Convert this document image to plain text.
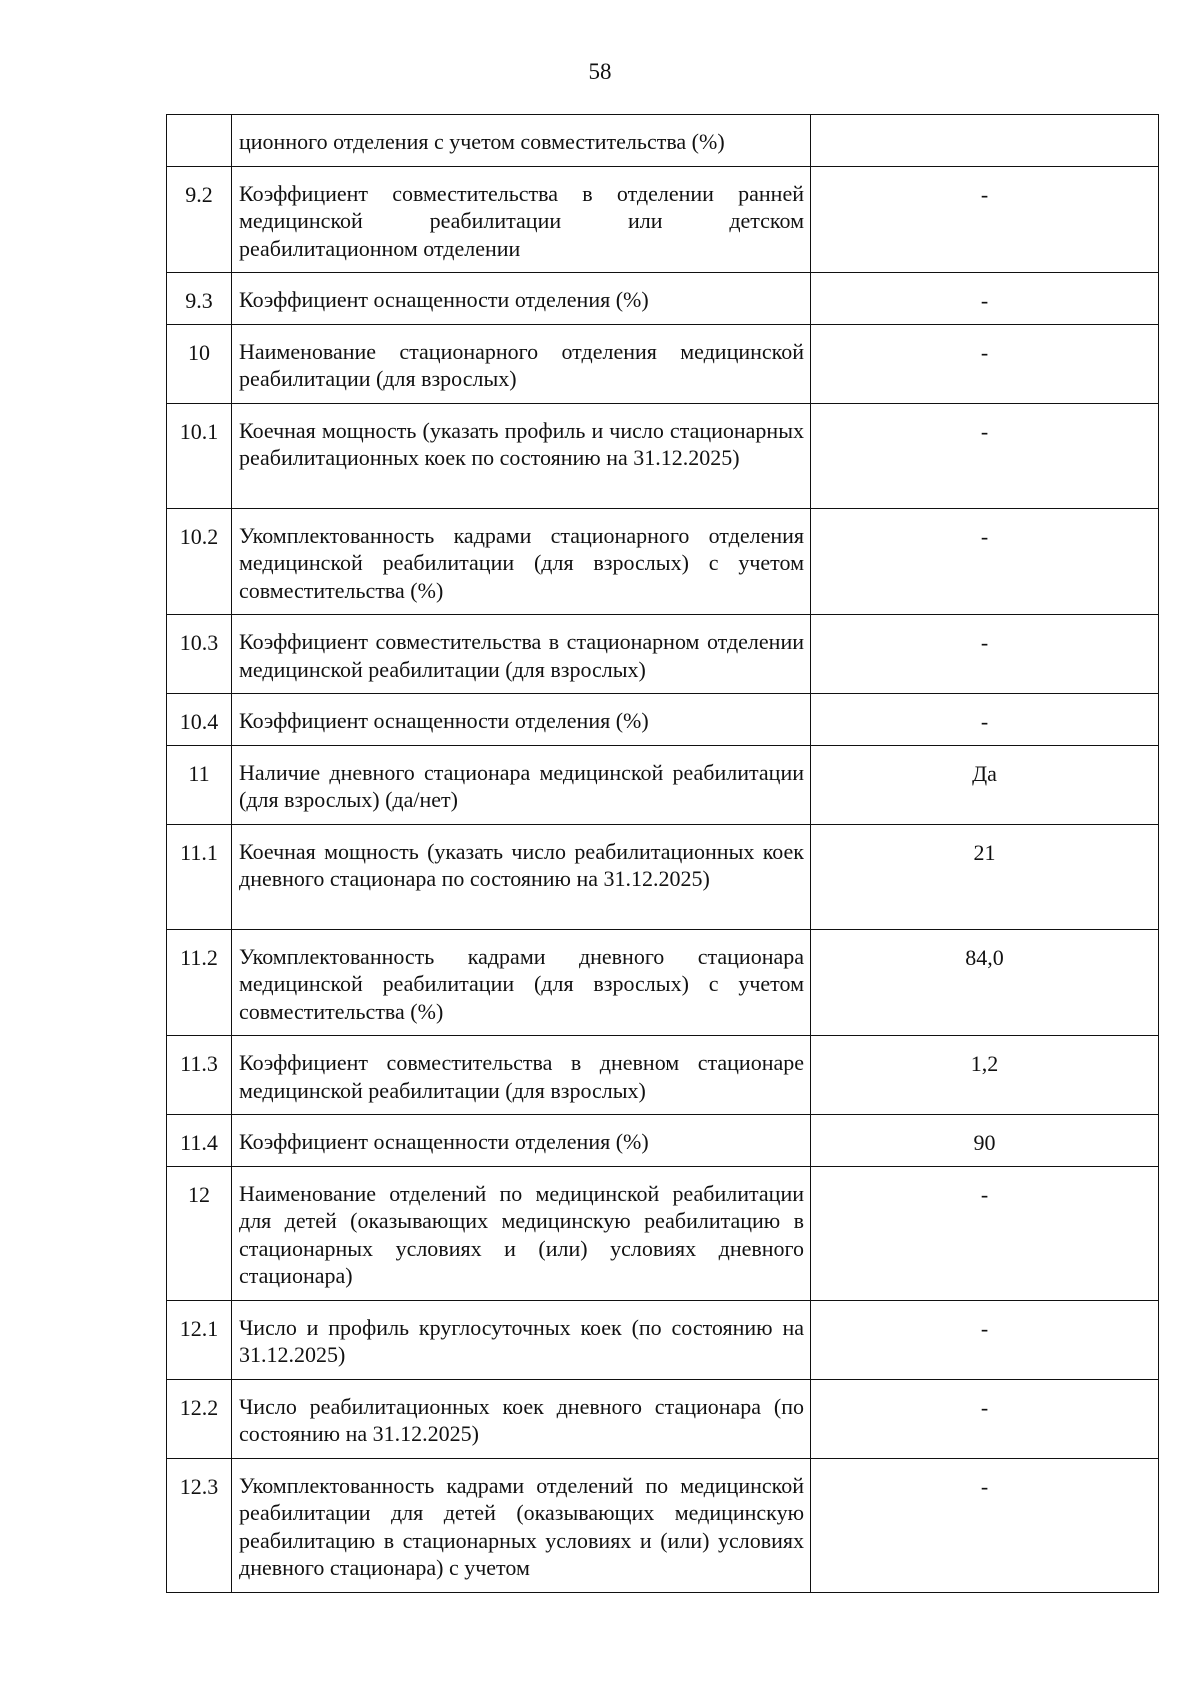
58
	ционного отделения с учетом совместительства (%)	
9.2	Коэффициент совместительства в отделении ранней медицинской реабилитации или детском реабилитационном отделении	-
9.3	Коэффициент оснащенности отделения (%)	-
10	Наименование стационарного отделения медицинской реабилитации (для взрослых)	-
10.1	Коечная мощность (указать профиль и число стационарных реабилитационных коек по состоянию на 31.12.2025)	-
10.2	Укомплектованность кадрами стационарного отделения медицинской реабилитации (для взрослых) с учетом совместительства (%)	-
10.3	Коэффициент совместительства в стационарном отделении медицинской реабилитации (для взрослых)	-
10.4	Коэффициент оснащенности отделения (%)	-
11	Наличие дневного стационара медицинской реабилитации (для взрослых) (да/нет)	Да
11.1	Коечная мощность (указать число реабилитационных коек дневного стационара по состоянию на 31.12.2025)	21
11.2	Укомплектованность кадрами дневного стационара медицинской реабилитации (для взрослых) с учетом совместительства (%)	84,0
11.3	Коэффициент совместительства в дневном стационаре медицинской реабилитации (для взрослых)	1,2
11.4	Коэффициент оснащенности отделения (%)	90
12	Наименование отделений по медицинской реабилитации для детей (оказывающих медицинскую реабилитацию в стационарных условиях и (или) условиях дневного стационара)	-
12.1	Число и профиль круглосуточных коек (по состоянию на 31.12.2025)	-
12.2	Число реабилитационных коек дневного стационара (по состоянию на 31.12.2025)	-
12.3	Укомплектованность кадрами отделений по медицинской реабилитации для детей (оказывающих медицинскую реабилитацию в стационарных условиях и (или) условиях дневного стационара) с учетом	-
